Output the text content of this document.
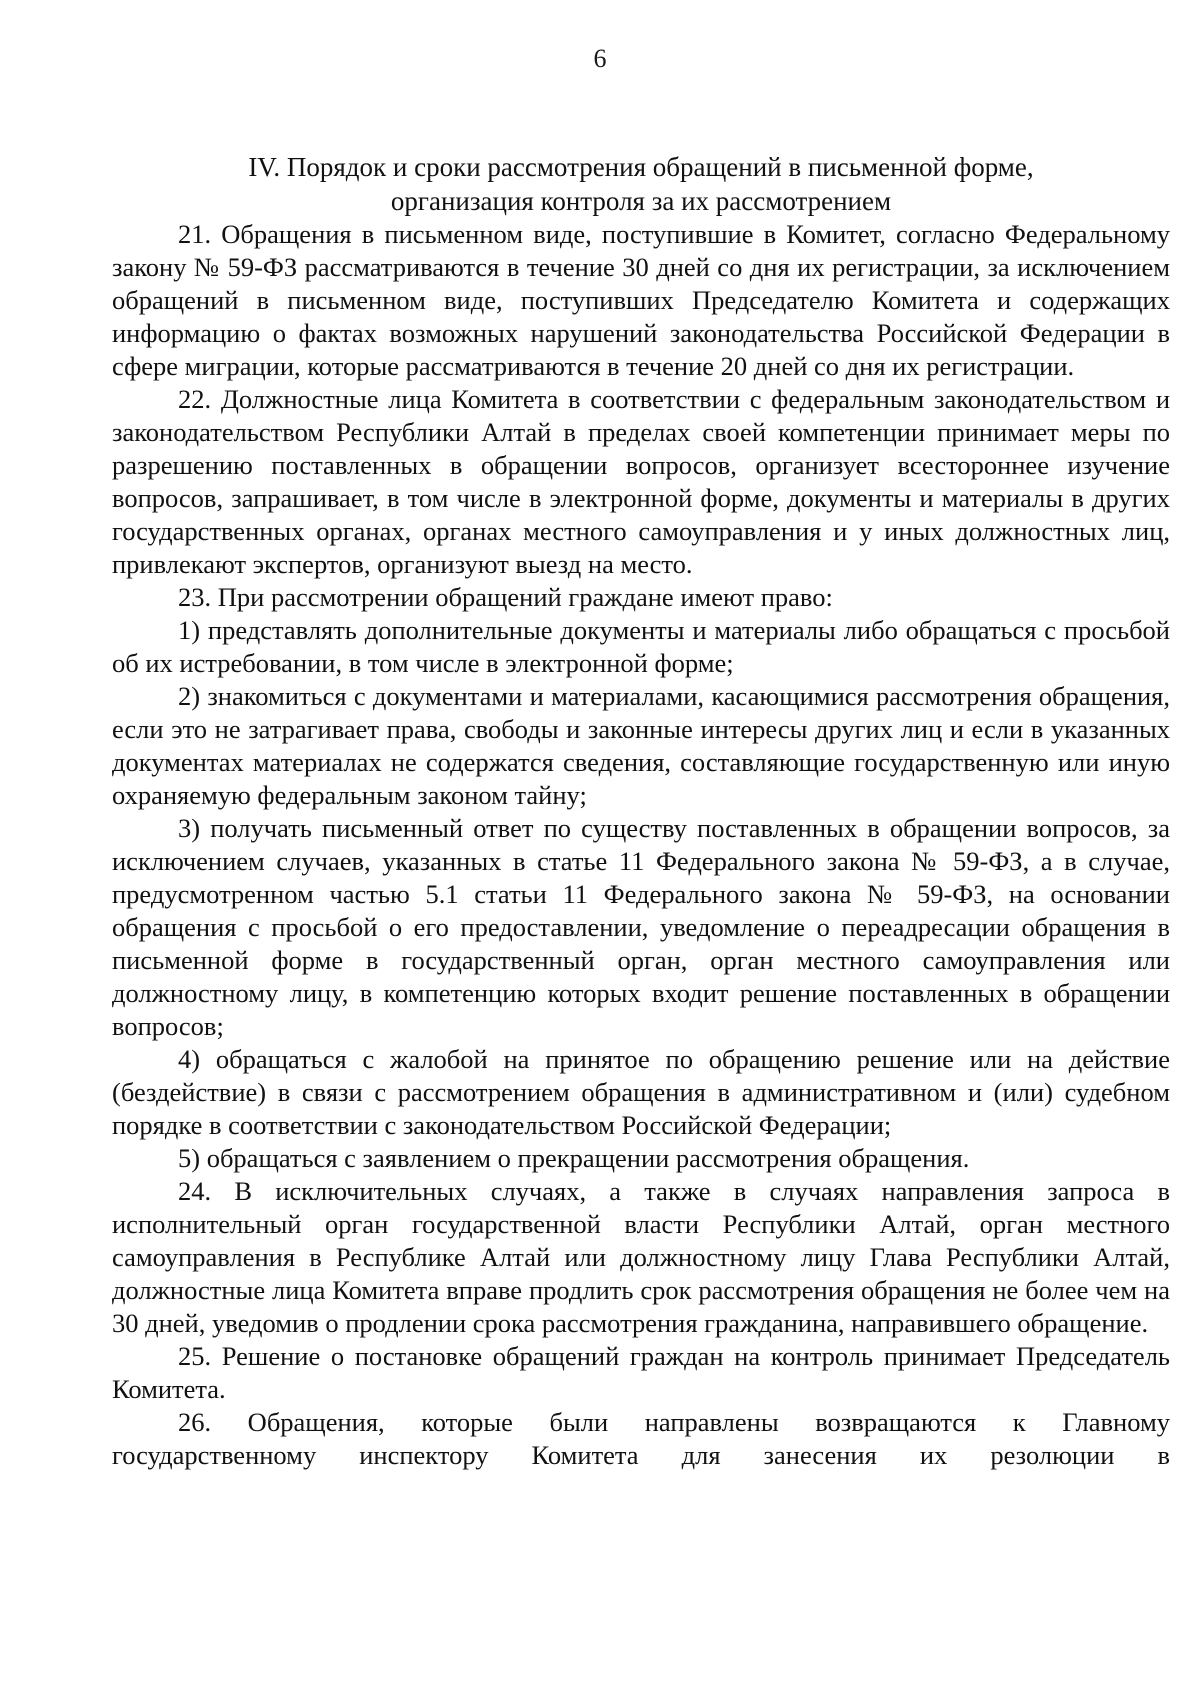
6
IV. Порядок и сроки рассмотрения обращений в письменной форме,
организация контроля за их рассмотрением

21. Обращения в письменном виде, поступившие в Комитет, согласно Федеральному закону № 59-ФЗ рассматриваются в течение 30 дней со дня их регистрации, за исключением обращений в письменном виде, поступивших Председателю Комитета и содержащих информацию о фактах возможных нарушений законодательства Российской Федерации в сфере миграции, которые рассматриваются в течение 20 дней со дня их регистрации.

22. Должностные лица Комитета в соответствии с федеральным законодательством и законодательством Республики Алтай в пределах своей компетенции принимает меры по разрешению поставленных в обращении вопросов, организует всестороннее изучение вопросов, запрашивает, в том числе в электронной форме, документы и материалы в других государственных органах, органах местного самоуправления и у иных должностных лиц, привлекают экспертов, организуют выезд на место.

23. При рассмотрении обращений граждане имеют право:

1) представлять дополнительные документы и материалы либо обращаться с просьбой об их истребовании, в том числе в электронной форме;

2) знакомиться с документами и материалами, касающимися рассмотрения обращения, если это не затрагивает права, свободы и законные интересы других лиц и если в указанных документах материалах не содержатся сведения, составляющие государственную или иную охраняемую федеральным законом тайну;

3) получать письменный ответ по существу поставленных в обращении вопросов, за исключением случаев, указанных в статье 11 Федерального закона № 59-ФЗ, а в случае, предусмотренном частью 5.1 статьи 11 Федерального закона № 59-ФЗ, на основании обращения с просьбой о его предоставлении, уведомление о переадресации обращения в письменной форме в государственный орган, орган местного самоуправления или должностному лицу, в компетенцию которых входит решение поставленных в обращении вопросов;

4) обращаться с жалобой на принятое по обращению решение или на действие (бездействие) в связи с рассмотрением обращения в административном и (или) судебном порядке в соответствии с законодательством Российской Федерации;

5) обращаться с заявлением о прекращении рассмотрения обращения.

24. В исключительных случаях, а также в случаях направления запроса в исполнительный орган государственной власти Республики Алтай, орган местного самоуправления в Республике Алтай или должностному лицу Глава Республики Алтай, должностные лица Комитета вправе продлить срок рассмотрения обращения не более чем на 30 дней, уведомив о продлении срока рассмотрения гражданина, направившего обращение.

25. Решение о постановке обращений граждан на контроль принимает Председатель Комитета.

26. Обращения, которые были направлены возвращаются к Главному государственному инспектору Комитета для занесения их резолюции в
